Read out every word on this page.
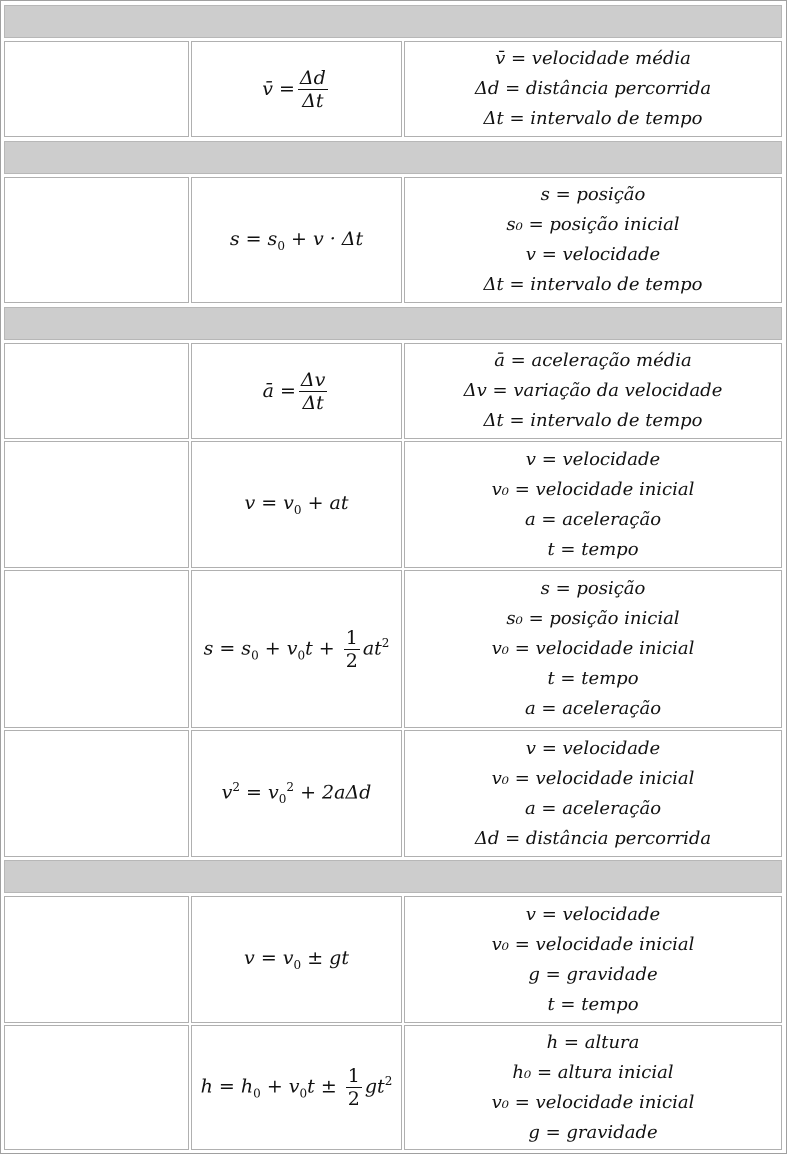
v̄
= $\frac{\Delta d}{\Delta t}$
v̄ = velocidade média
Δd = distância percorrida
Δt = intervalo de tempo
$s = s_0 + v \cdot \Delta t$
s = posição
s₀ = posição inicial
v = velocidade
Δt = intervalo de tempo
ā
= $\frac{\Delta v}{\Delta t}$
ā = aceleração média
Δv = variação da velocidade
Δt = intervalo de tempo
$v = v_0$ + at
v = velocidade
v₀ = velocidade inicial
a = aceleração
t = tempo
$s = s_0 + v_0t + \frac{1}{2} at^2$
s = posição
s₀ = posição inicial
v₀ = velocidade inicial
t = tempo
a = aceleração
$v^2 = v_0^2 + 2a\Delta d$
v = velocidade
v₀ = velocidade inicial
a = aceleração
Δd = distância percorrida
$v = v_0$ ± gt
v = velocidade
v₀ = velocidade inicial
g = gravidade
t = tempo
$h = h_0 + v_0t \pm \frac{1}{2} gt^2$
h = altura
h₀ = altura inicial
v₀ = velocidade inicial
g = gravidade
